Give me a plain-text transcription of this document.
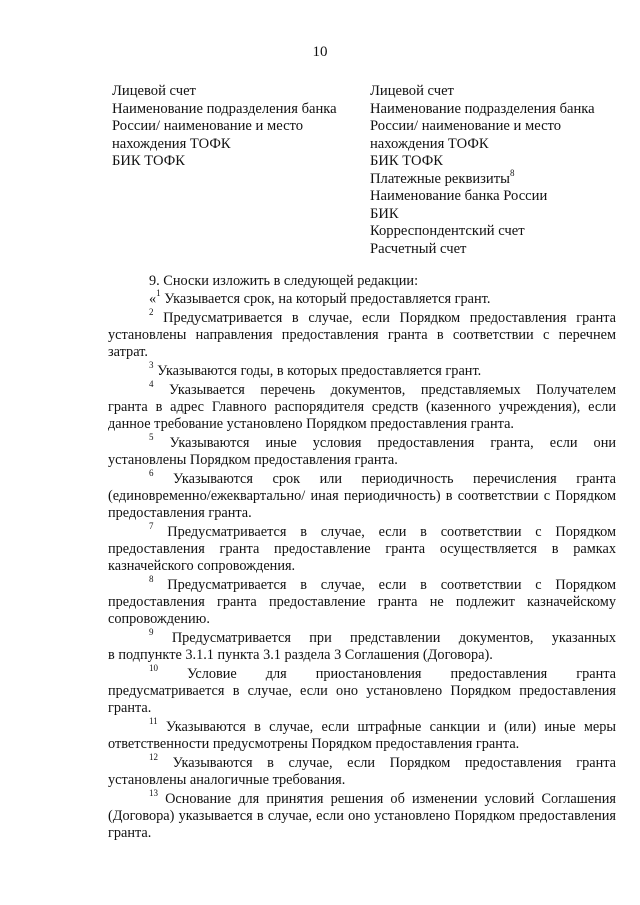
10
Лицевой счет
Наименование подразделения банка
России/ наименование и место
нахождения ТОФК
БИК ТОФК
Лицевой счет
Наименование подразделения банка
России/ наименование и место
нахождения ТОФК
БИК ТОФК
Платежные реквизиты$^8$
Наименование банка России
БИК
Корреспондентский счет
Расчетный счет
9. Сноски изложить в следующей редакции:
«$^1$ Указывается срок, на который предоставляется грант.
$^2$ Предусматривается в случае, если Порядком предоставления гранта
установлены направления предоставления гранта в соответствии с перечнем затрат.
$^3$ Указываются годы, в которых предоставляется грант.
$^4$ Указывается перечень документов, представляемых Получателем
гранта в адрес Главного распорядителя средств (казенного учреждения), если данное требование установлено Порядком предоставления гранта.
$^5$ Указываются иные условия предоставления гранта, если они
установлены Порядком предоставления гранта.
$^6$ Указываются срок или периодичность перечисления гранта
(единовременно/ежеквартально/ иная периодичность) в соответствии с Порядком предоставления гранта.
$^7$ Предусматривается в случае, если в соответствии с Порядком
предоставления гранта предоставление гранта осуществляется в рамках казначейского сопровождения.
$^8$ Предусматривается в случае, если в соответствии с Порядком
предоставления гранта предоставление гранта не подлежит казначейскому сопровождению.
$^9$ Предусматривается при представлении документов, указанных
в подпункте 3.1.1 пункта 3.1 раздела 3 Соглашения (Договора).
$^{10}$ Условие для приостановления предоставления гранта
предусматривается в случае, если оно установлено Порядком предоставления гранта.
$^{11}$ Указываются в случае, если штрафные санкции и (или) иные меры
ответственности предусмотрены Порядком предоставления гранта.
$^{12}$ Указываются в случае, если Порядком предоставления гранта
установлены аналогичные требования.
$^{13}$ Основание для принятия решения об изменении условий Соглашения
(Договора) указывается в случае, если оно установлено Порядком предоставления гранта.
